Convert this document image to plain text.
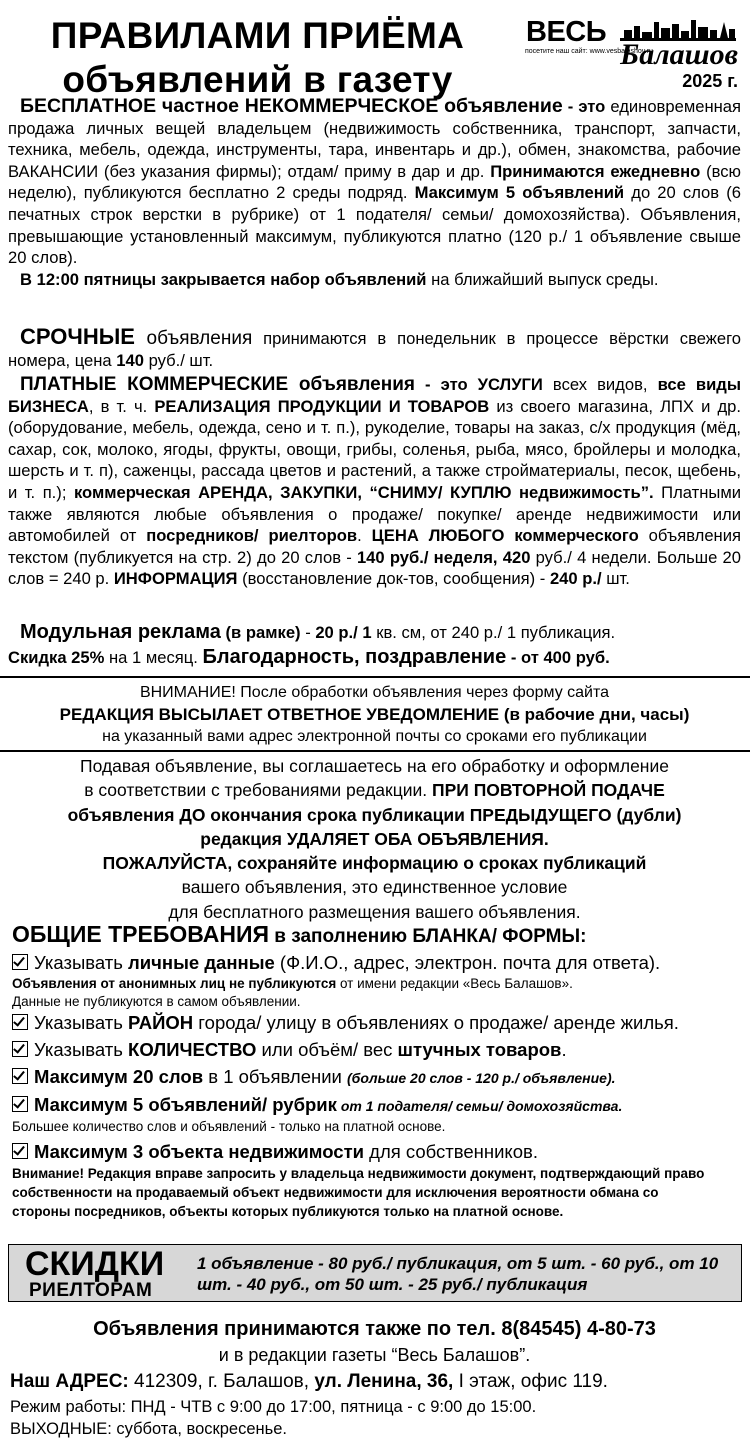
ПРАВИЛАМИ ПРИЁМА
объявлений в газету
ВЕСЬ
посетите наш сайт: www.vesbalashov.ru
Балашов
2025 г.

БЕСПЛАТНОЕ частное НЕКОММЕРЧЕСКОЕ объявление - это единовременная продажа личных вещей владельцем (недвижимость собственника, транспорт, запчасти, техника, мебель, одежда, инструменты, тара, инвентарь и др.), обмен, знакомства, рабочие ВАКАНСИИ (без указания фирмы); отдам/ приму в дар и др. Принимаются ежедневно (всю неделю), публикуются бесплатно 2 среды подряд. Максимум 5 объявлений до 20 слов (6 печатных строк верстки в рубрике) от 1 подателя/ семьи/ домохозяйства). Объявления, превышающие установленный максимум, публикуются платно (120 р./ 1 объявление свыше 20 слов).

В 12:00 пятницы закрывается набор объявлений на ближайший выпуск среды.

СРОЧНЫЕ объявления принимаются в понедельник в процессе вёрстки свежего номера, цена 140 руб./ шт.

ПЛАТНЫЕ КОММЕРЧЕСКИЕ объявления - это УСЛУГИ всех видов, все виды БИЗНЕСА, в т. ч. РЕАЛИЗАЦИЯ ПРОДУКЦИИ И ТОВАРОВ из своего магазина, ЛПХ и др. (оборудование, мебель, одежда, сено и т. п.), рукоделие, товары на заказ, с/х продукция (мёд, сахар, сок, молоко, ягоды, фрукты, овощи, грибы, соленья, рыба, мясо, бройлеры и молодка, шерсть и т. п), саженцы, рассада цветов и растений, а также стройматериалы, песок, щебень, и т. п.); коммерческая АРЕНДА, ЗАКУПКИ, “СНИМУ/ КУПЛЮ недвижимость”. Платными также являются любые объявления о продаже/ покупке/ аренде недвижимости или автомобилей от посредников/ риелторов. ЦЕНА ЛЮБОГО коммерческого объявления текстом (публикуется на стр. 2) до 20 слов - 140 руб./ неделя, 420 руб./ 4 недели. Больше 20 слов = 240 р. ИНФОРМАЦИЯ (восстановление док-тов, сообщения) - 240 р./ шт.

Модульная реклама (в рамке) - 20 р./ 1 кв. см, от 240 р./ 1 публикация.

Скидка 25% на 1 месяц. Благодарность, поздравление - от 400 руб.

ВНИМАНИЕ! После обработки объявления через форму сайта
РЕДАКЦИЯ ВЫСЫЛАЕТ ОТВЕТНОЕ УВЕДОМЛЕНИЕ (в рабочие дни, часы)
на указанный вами адрес электронной почты со сроками его публикации
Подавая объявление, вы соглашаетесь на его обработку и оформление
в соответствии с требованиями редакции. ПРИ ПОВТОРНОЙ ПОДАЧЕ
объявления ДО окончания срока публикации ПРЕДЫДУЩЕГО (дубли)
редакция УДАЛЯЕТ ОБА ОБЪЯВЛЕНИЯ.
ПОЖАЛУЙСТА, сохраняйте информацию о сроках публикаций
вашего объявления, это единственное условие
для бесплатного размещения вашего объявления.
ОБЩИЕ ТРЕБОВАНИЯ в заполнению БЛАНКА/ ФОРМЫ:
Указывать личные данные (Ф.И.О., адрес, электрон. почта для ответа).
Объявления от анонимных лиц не публикуются от имени редакции «Весь Балашов».
Данные не публикуются в самом объявлении.
Указывать РАЙОН города/ улицу в объявлениях о продаже/ аренде жилья.
Указывать КОЛИЧЕСТВО или объём/ вес штучных товаров.
Максимум 20 слов в 1 объявлении (больше 20 слов - 120 р./ объявление).
Максимум 5 объявлений/ рубрик от 1 подателя/ семьи/ домохозяйства.
Большее количество слов и объявлений - только на платной основе.
Максимум 3 объекта недвижимости для собственников.
Внимание! Редакция вправе запросить у владельца недвижимости документ, подтверждающий право собственности на продаваемый объект недвижимости для исключения вероятности обмана со стороны посредников, объекты которых публикуются только на платной основе.
СКИДКИ
РИЕЛТОРАМ
1 объявление - 80 руб./ публикация, от 5 шт. - 60 руб., от 10 шт. - 40 руб., от 50 шт. - 25 руб./ публикация
Объявления принимаются также по тел. 8(84545) 4-80-73
и в редакции газеты “Весь Балашов”.
Наш АДРЕС: 412309, г. Балашов, ул. Ленина, 36, I этаж, офис 119.
Режим работы: ПНД - ЧТВ с 9:00 до 17:00, пятница - с 9:00 до 15:00.
ВЫХОДНЫЕ: суббота, воскресенье.
